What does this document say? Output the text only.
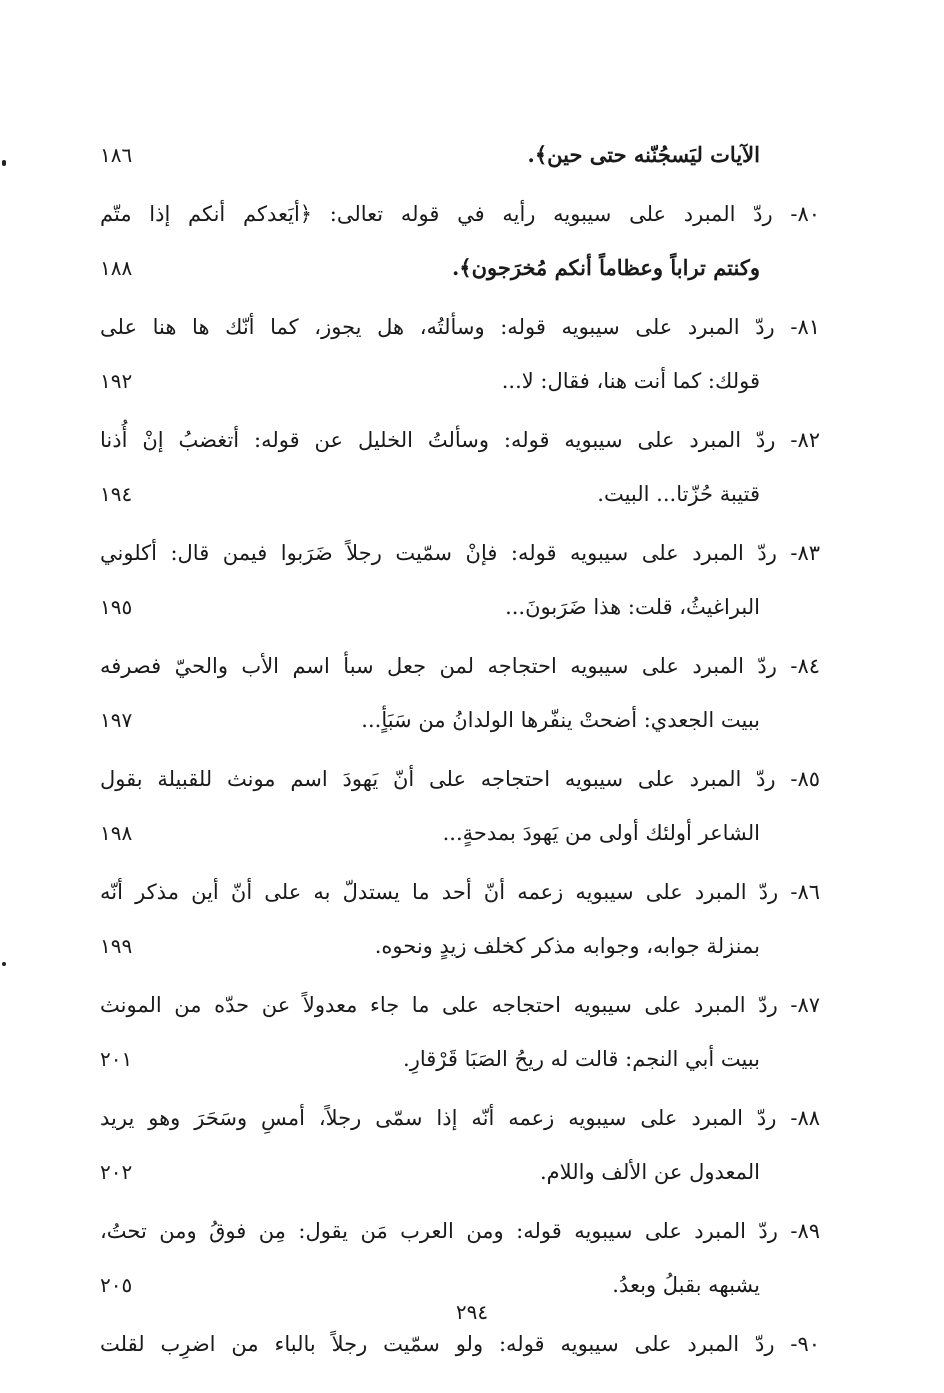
الآيات ليَسجُنّنه حتى حين﴾.
١٨٦
٨٠- ردّ المبرد على سيبويه رأيه في قوله تعالى: ﴿أيَعدكم أنكم إذا متّم
وكنتم تراباً وعظاماً أنكم مُخرَجون﴾.
١٨٨
٨١- ردّ المبرد على سيبويه قوله: وسألتُه، هل يجوز، كما أنّك ها هنا على
قولك: كما أنت هنا، فقال: لا...
١٩٢
٨٢- ردّ المبرد على سيبويه قوله: وسألتُ الخليل عن قوله: أتغضبُ إنْ أُذنا
قتيبة حُزّتا... البيت.
١٩٤
٨٣- ردّ المبرد على سيبويه قوله: فإنْ سمّيت رجلاً ضَرَبوا فيمن قال: أكلوني
البراغيثُ، قلت: هذا ضَرَبونَ...
١٩٥
٨٤- ردّ المبرد على سيبويه احتجاجه لمن جعل سبأ اسم الأب والحيّ فصرفه
ببيت الجعدي: أضحتْ ينفّرها الولدانُ من سَبَأٍ...
١٩٧
٨٥- ردّ المبرد على سيبويه احتجاجه على أنّ يَهودَ اسم مونث للقبيلة بقول
الشاعر أولئك أولى من يَهودَ بمدحةٍ...
١٩٨
٨٦- ردّ المبرد على سيبويه زعمه أنّ أحد ما يستدلّ به على أنّ أين مذكر أنّه
بمنزلة جوابه، وجوابه مذكر كخلف زيدٍ ونحوه.
١٩٩
٨٧- ردّ المبرد على سيبويه احتجاجه على ما جاء معدولاً عن حدّه من المونث
ببيت أبي النجم: قالت له ريحُ الصَبَا قَرْقارِ.
٢٠١
٨٨- ردّ المبرد على سيبويه زعمه أنّه إذا سمّى رجلاً، أمسِ وسَحَرَ وهو يريد
المعدول عن الألف واللام.
٢٠٢
٨٩- ردّ المبرد على سيبويه قوله: ومن العرب مَن يقول: مِن فوقُ ومن تحتُ،
يشبهه بقبلُ وبعدُ.
٢٠٥
٩٠- ردّ المبرد على سيبويه قوله: ولو سمّيت رجلاً بالباء من اضرِب لقلت
٢٩٤
